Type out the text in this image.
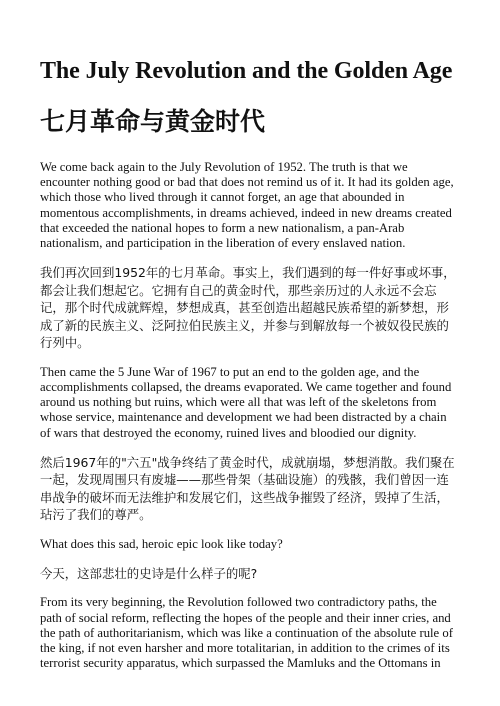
The July Revolution and the Golden Age
七月革命与黄金时代

We come back again to the July Revolution of 1952. The truth is that we encounter nothing good or bad that does not remind us of it. It had its golden age, which those who lived through it cannot forget, an age that abounded in momentous accomplishments, in dreams achieved, indeed in new dreams created that exceeded the national hopes to form a new nationalism, a pan-Arab nationalism, and participation in the liberation of every enslaved nation.

我们再次回到1952年的七月革命。事实上，我们遇到的每一件好事或坏事，都会让我们想起它。它拥有自己的黄金时代，那些亲历过的人永远不会忘记，那个时代成就辉煌，梦想成真，甚至创造出超越民族希望的新梦想，形成了新的民族主义、泛阿拉伯民族主义，并参与到解放每一个被奴役民族的行列中。

Then came the 5 June War of 1967 to put an end to the golden age, and the accomplishments collapsed, the dreams evaporated. We came together and found around us nothing but ruins, which were all that was left of the skeletons from whose service, maintenance and development we had been distracted by a chain of wars that destroyed the economy, ruined lives and bloodied our dignity.

然后1967年的"六五"战争终结了黄金时代，成就崩塌，梦想消散。我们聚在一起，发现周围只有废墟——那些骨架（基础设施）的残骸，我们曾因一连串战争的破坏而无法维护和发展它们，这些战争摧毁了经济，毁掉了生活，玷污了我们的尊严。

What does this sad, heroic epic look like today?

今天，这部悲壮的史诗是什么样子的呢?

From its very beginning, the Revolution followed two contradictory paths, the path of social reform, reflecting the hopes of the people and their inner cries, and the path of authoritarianism, which was like a continuation of the absolute rule of the king, if not even harsher and more totalitarian, in addition to the crimes of its terrorist security apparatus, which surpassed the Mamluks and the Ottomans in
